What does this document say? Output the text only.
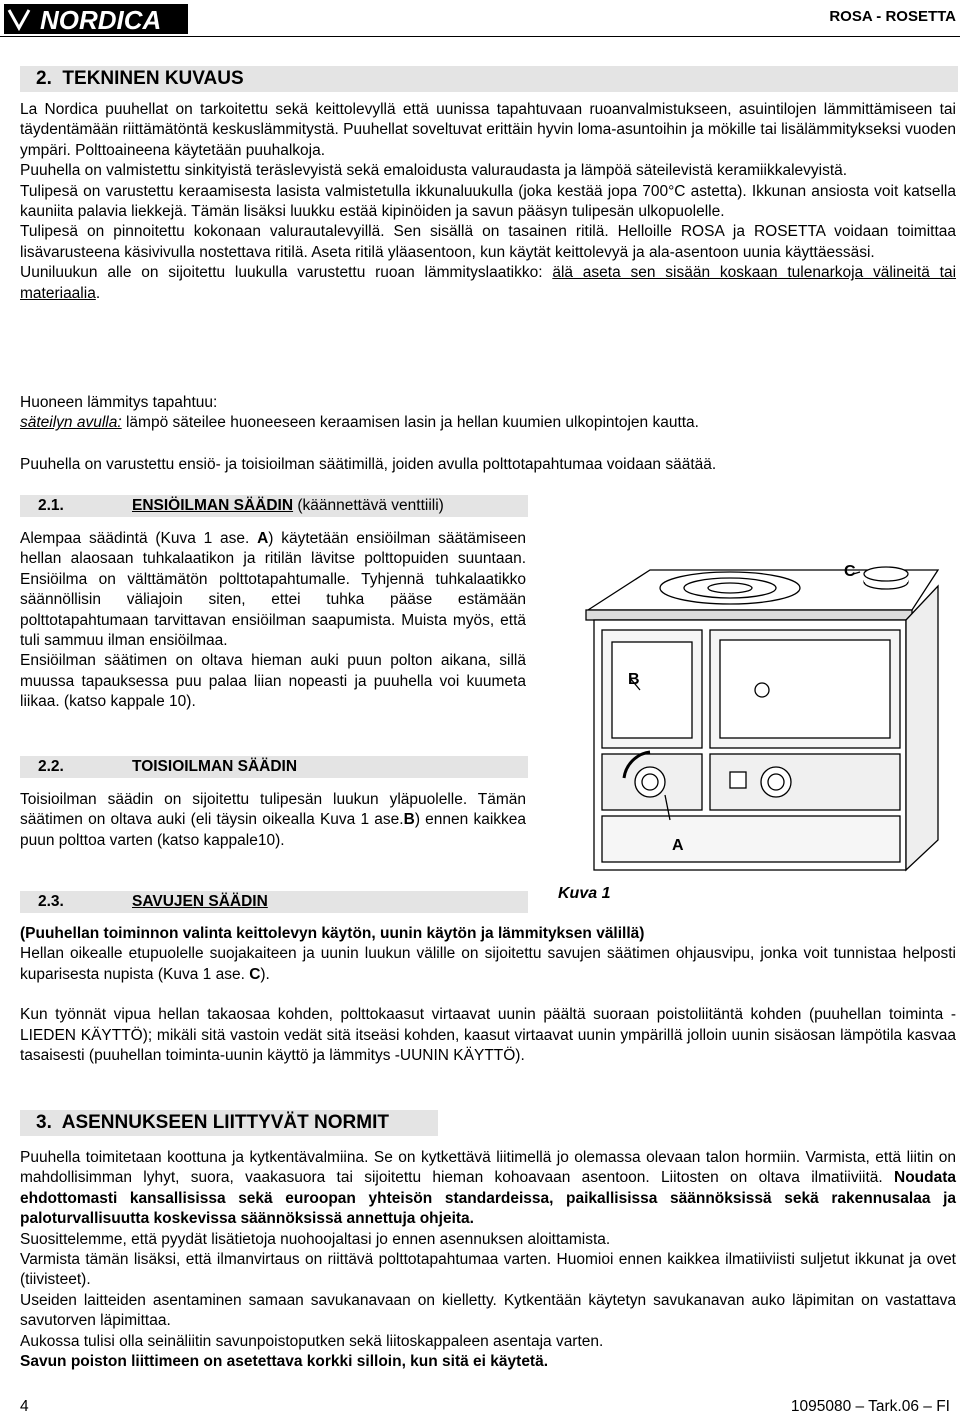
NORDICA	ROSA - ROSETTA
2. TEKNINEN KUVAUS

La Nordica puuhellat on tarkoitettu sekä keittolevyllä että uunissa tapahtuvaan ruoanvalmistukseen, asuintilojen lämmittämiseen tai täydentämään riittämätöntä keskuslämmitystä. Puuhellat soveltuvat erittäin hyvin loma-asuntoihin ja mökille tai lisälämmitykseksi vuoden ympäri. Polttoaineena käytetään puuhalkoja.

Puuhella on valmistettu sinkityistä teräslevyistä sekä emaloidusta valuraudasta ja lämpöä säteilevistä keramiikkalevyistä.

Tulipesä on varustettu keraamisesta lasista valmistetulla ikkunaluukulla (joka kestää jopa 700°C astetta). Ikkunan ansiosta voit katsella kauniita palavia liekkejä. Tämän lisäksi luukku estää kipinöiden ja savun pääsyn tulipesän ulkopuolelle.

Tulipesä on pinnoitettu kokonaan valurautalevyillä. Sen sisällä on tasainen ritilä. Helloille ROSA ja ROSETTA voidaan toimittaa lisävarusteena käsivivulla nostettava ritilä. Aseta ritilä yläasentoon, kun käytät keittolevyä ja ala-asentoon uunia käyttäessäsi.

Uuniluukun alle on sijoitettu luukulla varustettu ruoan lämmityslaatikko: älä aseta sen sisään koskaan tulenarkoja välineitä tai materiaalia.

Huoneen lämmitys tapahtuu:

säteilyn avulla: lämpö säteilee huoneeseen keraamisen lasin ja hellan kuumien ulkopintojen kautta.

Puuhella on varustettu ensiö- ja toisioilman säätimillä, joiden avulla polttotapahtumaa voidaan säätää.

2.1.	ENSIÖILMAN SÄÄDIN (käännettävä venttiili)

Alempaa säädintä (Kuva 1 ase. A) käytetään ensiöilman säätämiseen hellan alaosaan tuhkalaatikon ja ritilän lävitse polttopuiden suuntaan. Ensiöilma on välttämätön polttotapahtumalle. Tyhjennä tuhkalaatikko säännöllisin väliajoin siten, ettei tuhka pääse estämään polttotapahtumaan tarvittavan ensiöilman saapumista. Muista myös, että tuli sammuu ilman ensiöilmaa.

Ensiöilman säätimen on oltava hieman auki puun polton aikana, sillä muussa tapauksessa puu palaa liian nopeasti ja puuhella voi kuumeta liikaa. (katso kappale 10).

2.2.	TOISIOILMAN SÄÄDIN

Toisioilman säädin on sijoitettu tulipesän luukun yläpuolelle. Tämän säätimen on oltava auki (eli täysin oikealla Kuva 1 ase.B) ennen kaikkea puun polttoa varten (katso kappale10).

2.3.	SAVUJEN SÄÄDIN

(Puuhellan toiminnon valinta keittolevyn käytön, uunin käytön ja lämmityksen välillä)

Hellan oikealle etupuolelle suojakaiteen ja uunin luukun välille on sijoitettu savujen säätimen ohjausvipu, jonka voit tunnistaa helposti kuparisesta nupista (Kuva 1 ase. C).

Kun työnnät vipua hellan takaosaa kohden, polttokaasut virtaavat uunin päältä suoraan poistoliitäntä kohden (puuhellan toiminta - LIEDEN KÄYTTÖ); mikäli sitä vastoin vedät sitä itseäsi kohden, kaasut virtaavat uunin ympärillä jolloin uunin sisäosan lämpötila kasvaa tasaisesti (puuhellan toiminta-uunin käyttö ja lämmitys -UUNIN KÄYTTÖ).

3. ASENNUKSEEN LIITTYVÄT NORMIT

Puuhella toimitetaan koottuna ja kytkentävalmiina. Se on kytkettävä liitimellä jo olemassa olevaan talon hormiin. Varmista, että liitin on mahdollisimman lyhyt, suora, vaakasuora tai sijoitettu hieman kohoavaan asentoon. Liitosten on oltava ilmatiiviitä. Noudata ehdottomasti kansallisissa sekä euroopan yhteisön standardeissa, paikallisissa säännöksissä sekä rakennusalaa ja paloturvallisuutta koskevissa säännöksissä annettuja ohjeita.

Suosittelemme, että pyydät lisätietoja nuohoojaltasi jo ennen asennuksen aloittamista.

Varmista tämän lisäksi, että ilmanvirtaus on riittävä polttotapahtumaa varten. Huomioi ennen kaikkea ilmatiiviisti suljetut ikkunat ja ovet (tiivisteet).

Useiden laitteiden asentaminen samaan savukanavaan on kielletty. Kytkentään käytetyn savukanavan auko läpimitan on vastattava savutorven läpimittaa.

Aukossa tulisi olla seinäliitin savunpoistoputken sekä liitoskappaleen asentaja varten.

Savun poiston liittimeen on asetettava korkki silloin, kun sitä ei käytetä.

C
B
A
Kuva 1
4	1095080 – Tark.06 – FI
